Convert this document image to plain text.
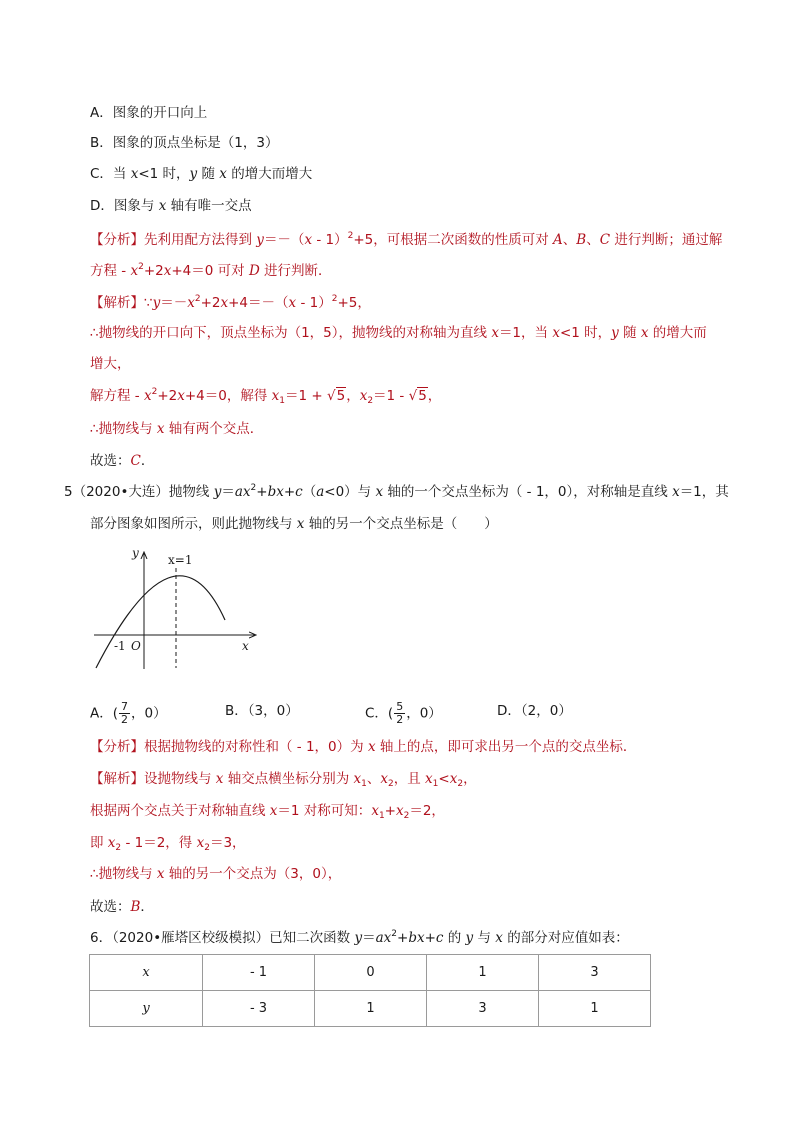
A．图象的开口向上
B．图象的顶点坐标是（1，3）
C．当 x<1 时，y 随 x 的增大而增大
D．图象与 x 轴有唯一交点
【分析】先利用配方法得到 y＝－（x - 1）$^2$+5，可根据二次函数的性质可对 A、B、C 进行判断；通过解
方程 - $x^2+2x+4=0$ 可对 D 进行判断．
【解析】$\because y=-x^2+2x+4=-(x - 1)^2+5$，
∴抛物线的开口向下，顶点坐标为（1，5），抛物线的对称轴为直线 x＝1，当 x<1 时，y 随 x 的增大而
增大，
解方程 - $x^2+2x+4=0$，解得 $x_1=1 + √5$，$x_2=1 - √5$，
∴抛物线与 x 轴有两个交点．
故选：C．
5（2020•大连）抛物线 $y=ax^2+bx+c(a<0)$与 x 轴的一个交点坐标为（ - 1，0），对称轴是直线 x＝1，其
部分图象如图所示，则此抛物线与 x 轴的另一个交点坐标是（　　）
y
x
x=1
-1 O
A．( $\frac{7}{2}$ ，0）	B．（3，0）	C．( $\frac{5}{2}$ ，0）	D．（2，0）
【分析】根据抛物线的对称性和（ - 1，0）为 x 轴上的点，即可求出另一个点的交点坐标．
【解析】设抛物线与 x 轴交点横坐标分别为 $x_1$、$x_2$，且 $x_1<x_2$，
根据两个交点关于对称轴直线 x＝1 对称可知：$x_1+x_2=2$，
即 $x_2 - 1=2$，得 $x_2=3$，
∴抛物线与 x 轴的另一个交点为（3，0），
故选：B．
6．（2020•雁塔区校级模拟）已知二次函数 $y=ax^2+bx+c$ 的 y 与 x 的部分对应值如表：
x	- 1	0	1	3
y	- 3	1	3	1
